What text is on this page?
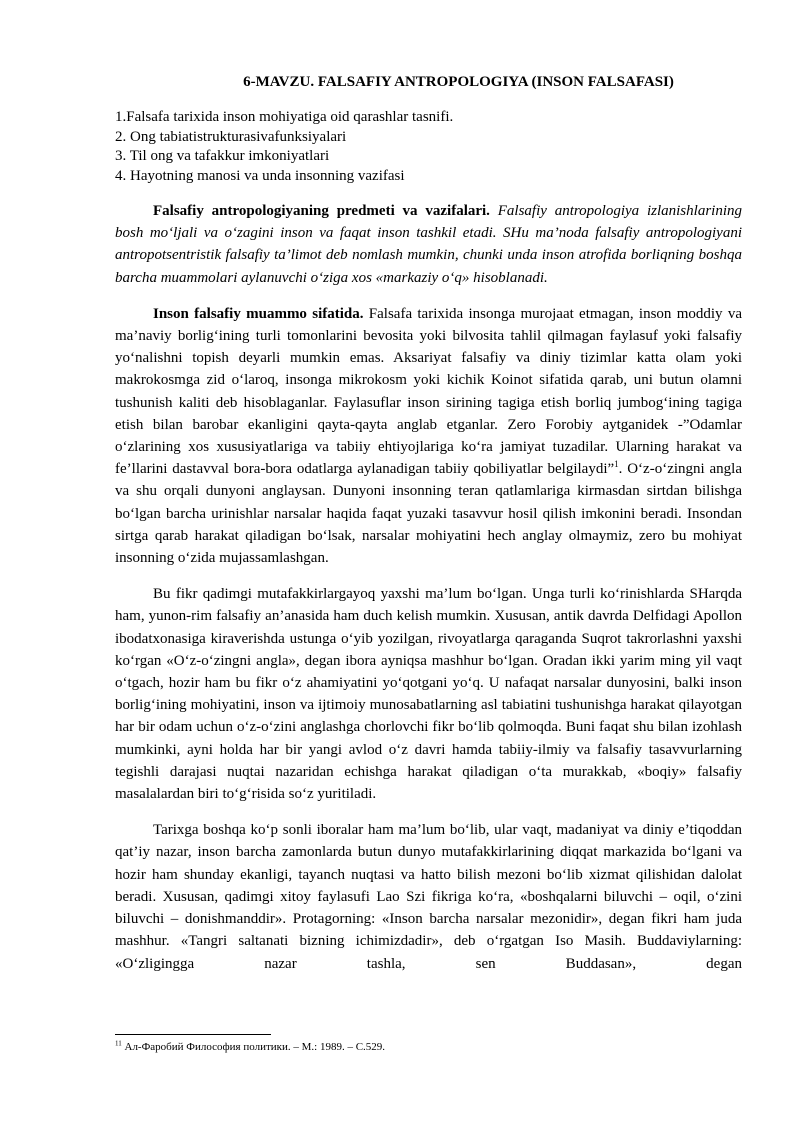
6-MAVZU. FALSAFIY ANTROPOLOGIYA (INSON FALSAFASI)
1.Falsafa tarixida inson mohiyatiga oid qarashlar tasnifi.
2. Ong tabiatistrukturasivafunksiyalari
3. Til ong va tafakkur imkoniyatlari
4. Hayotning manosi va unda insonning vazifasi

Falsafiy antropologiyaning predmeti va vazifalari. Falsafiy antropologiya izlanishlarining bosh mo‘ljali va o‘zagini inson va faqat inson tashkil etadi. SHu ma’noda falsafiy antropologiyani antropotsentristik falsafiy ta’limot deb nomlash mumkin, chunki unda inson atrofida borliqning boshqa barcha muammolari aylanuvchi o‘ziga xos «markaziy o‘q» hisoblanadi.

Inson falsafiy muammo sifatida. Falsafa tarixida insonga murojaat etmagan, inson moddiy va ma’naviy borlig‘ining turli tomonlarini bevosita yoki bilvosita tahlil qilmagan faylasuf yoki falsafiy yo‘nalishni topish deyarli mumkin emas. Aksariyat falsafiy va diniy tizimlar katta olam yoki makrokosmga zid o‘laroq, insonga mikrokosm yoki kichik Koinot sifatida qarab, uni butun olamni tushunish kaliti deb hisoblaganlar. Faylasuflar inson sirining tagiga etish borliq jumbog‘ining tagiga etish bilan barobar ekanligini qayta-qayta anglab etganlar. Zero Forobiy aytganidek -”Odamlar o‘zlarining xos xususiyatlariga va tabiiy ehtiyojlariga ko‘ra jamiyat tuzadilar. Ularning harakat va fe’llarini dastavval bora-bora odatlarga aylanadigan tabiiy qobiliyatlar belgilaydi”$^1$. O‘z-o‘zingni angla va shu orqali dunyoni anglaysan. Dunyoni insonning teran qatlamlariga kirmasdan sirtdan bilishga bo‘lgan barcha urinishlar narsalar haqida faqat yuzaki tasavvur hosil qilish imkonini beradi. Insondan sirtga qarab harakat qiladigan bo‘lsak, narsalar mohiyatini hech anglay olmaymiz, zero bu mohiyat insonning o‘zida mujassamlashgan.

Bu fikr qadimgi mutafakkirlargayoq yaxshi ma’lum bo‘lgan. Unga turli ko‘rinishlarda SHarqda ham, yunon-rim falsafiy an’anasida ham duch kelish mumkin. Xususan, antik davrda Delfidagi Apollon ibodatxonasiga kiraverishda ustunga o‘yib yozilgan, rivoyatlarga qaraganda Suqrot takrorlashni yaxshi ko‘rgan «O‘z-o‘zingni angla», degan ibora ayniqsa mashhur bo‘lgan. Oradan ikki yarim ming yil vaqt o‘tgach, hozir ham bu fikr o‘z ahamiyatini yo‘qotgani yo‘q. U nafaqat narsalar dunyosini, balki inson borlig‘ining mohiyatini, inson va ijtimoiy munosabatlarning asl tabiatini tushunishga harakat qilayotgan har bir odam uchun o‘z-o‘zini anglashga chorlovchi fikr bo‘lib qolmoqda. Buni faqat shu bilan izohlash mumkinki, ayni holda har bir yangi avlod o‘z davri hamda tabiiy-ilmiy va falsafiy tasavvurlarning tegishli darajasi nuqtai nazaridan echishga harakat qiladigan o‘ta murakkab, «boqiy» falsafiy masalalardan biri to‘g‘risida so‘z yuritiladi.

Tarixga boshqa ko‘p sonli iboralar ham ma’lum bo‘lib, ular vaqt, madaniyat va diniy e’tiqoddan qat’iy nazar, inson barcha zamonlarda butun dunyo mutafakkirlarining diqqat markazida bo‘lgani va hozir ham shunday ekanligi, tayanch nuqtasi va hatto bilish mezoni bo‘lib xizmat qilishidan dalolat beradi. Xususan, qadimgi xitoy faylasufi Lao Szi fikriga ko‘ra, «boshqalarni biluvchi – oqil, o‘zini biluvchi – donishmanddir». Protagorning: «Inson barcha narsalar mezonidir», degan fikri ham juda mashhur. «Tangri saltanati bizning ichimizdadir», deb o‘rgatgan Iso Masih. Buddaviylarning: «O‘zligingga nazar tashla, sen Buddasan», degan

$^{11}$ Ал-Фаробий Философия политики. – М.: 1989. – С.529.
